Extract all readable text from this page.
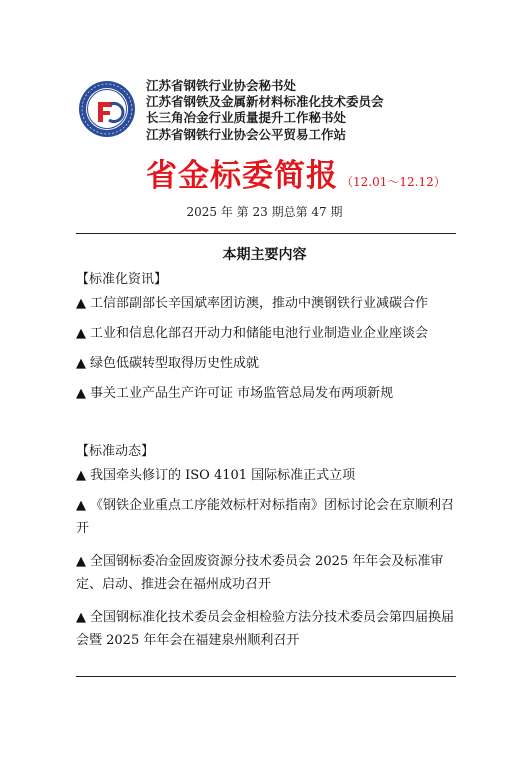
江苏省钢铁行业协会秘书处
江苏省钢铁及金属新材料标准化技术委员会
长三角冶金行业质量提升工作秘书处
江苏省钢铁行业协会公平贸易工作站
省金标委简报 （12.01～12.12）
2025 年 第 23 期总第 47 期
本期主要内容
【标准化资讯】
▲ 工信部副部长辛国斌率团访澳，推动中澳钢铁行业减碳合作
▲ 工业和信息化部召开动力和储能电池行业制造业企业座谈会
▲ 绿色低碳转型取得历史性成就
▲ 事关工业产品生产许可证 市场监管总局发布两项新规
【标准动态】
▲ 我国牵头修订的 ISO 4101 国际标准正式立项
▲ 《钢铁企业重点工序能效标杆对标指南》团标讨论会在京顺利召开
▲ 全国钢标委冶金固废资源分技术委员会 2025 年年会及标准审定、启动、推进会在福州成功召开
▲ 全国钢标准化技术委员会金相检验方法分技术委员会第四届换届会暨 2025 年年会在福建泉州顺利召开
